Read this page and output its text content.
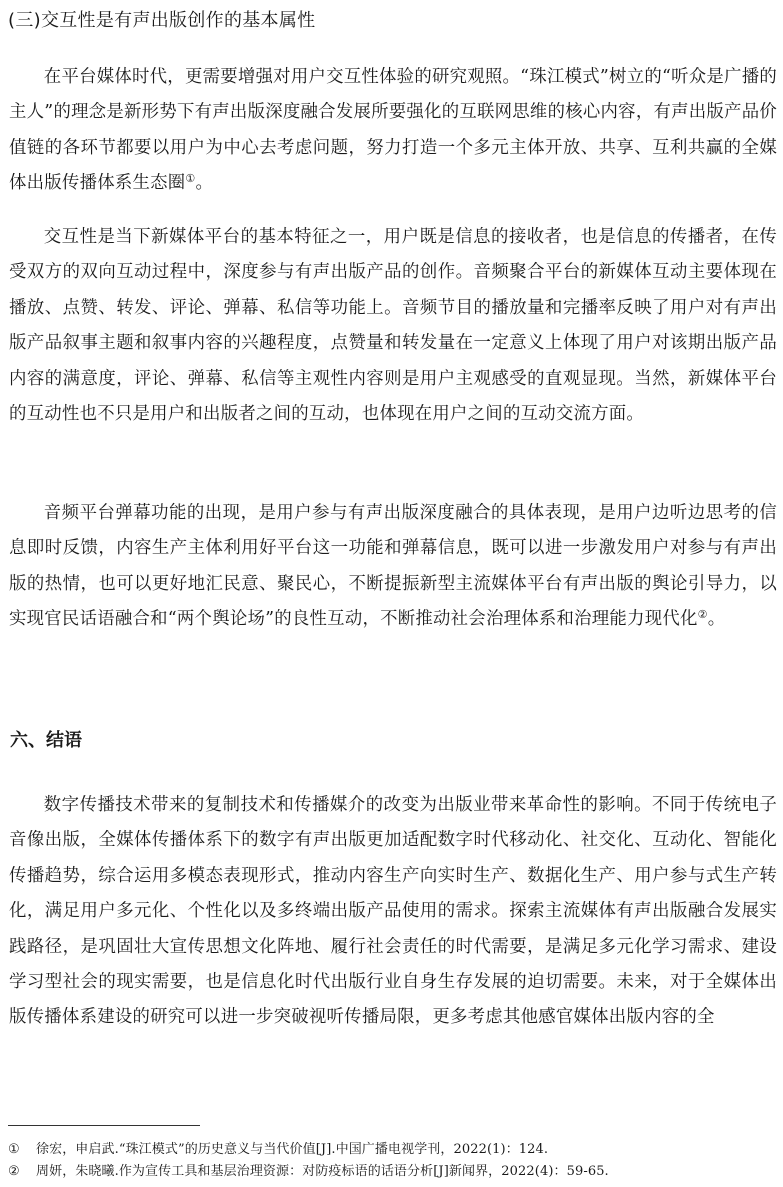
(三)交互性是有声出版创作的基本属性

在平台媒体时代，更需要增强对用户交互性体验的研究观照。“珠江模式”树立的“听众是广播的主人”的理念是新形势下有声出版深度融合发展所要强化的互联网思维的核心内容，有声出版产品价值链的各环节都要以用户为中心去考虑问题，努力打造一个多元主体开放、共享、互利共赢的全媒体出版传播体系生态圈①。

交互性是当下新媒体平台的基本特征之一，用户既是信息的接收者，也是信息的传播者，在传受双方的双向互动过程中，深度参与有声出版产品的创作。音频聚合平台的新媒体互动主要体现在播放、点赞、转发、评论、弹幕、私信等功能上。音频节目的播放量和完播率反映了用户对有声出版产品叙事主题和叙事内容的兴趣程度，点赞量和转发量在一定意义上体现了用户对该期出版产品内容的满意度，评论、弹幕、私信等主观性内容则是用户主观感受的直观显现。当然，新媒体平台的互动性也不只是用户和出版者之间的互动，也体现在用户之间的互动交流方面。

音频平台弹幕功能的出现，是用户参与有声出版深度融合的具体表现，是用户边听边思考的信息即时反馈，内容生产主体利用好平台这一功能和弹幕信息，既可以进一步激发用户对参与有声出版的热情，也可以更好地汇民意、聚民心，不断提振新型主流媒体平台有声出版的舆论引导力，以实现官民话语融合和“两个舆论场”的良性互动，不断推动社会治理体系和治理能力现代化②。

六、结语

数字传播技术带来的复制技术和传播媒介的改变为出版业带来革命性的影响。不同于传统电子音像出版，全媒体传播体系下的数字有声出版更加适配数字时代移动化、社交化、互动化、智能化传播趋势，综合运用多模态表现形式，推动内容生产向实时生产、数据化生产、用户参与式生产转化，满足用户多元化、个性化以及多终端出版产品使用的需求。探索主流媒体有声出版融合发展实践路径，是巩固壮大宣传思想文化阵地、履行社会责任的时代需要，是满足多元化学习需求、建设学习型社会的现实需要，也是信息化时代出版行业自身生存发展的迫切需要。未来，对于全媒体出版传播体系建设的研究可以进一步突破视听传播局限，更多考虑其他感官媒体出版内容的全

① 徐宏，申启武.“珠江模式”的历史意义与当代价值[J].中国广播电视学刊，2022(1)：124.
② 周妍，朱晓曦.作为宣传工具和基层治理资源：对防疫标语的话语分析[J]新闻界，2022(4)：59-65.
